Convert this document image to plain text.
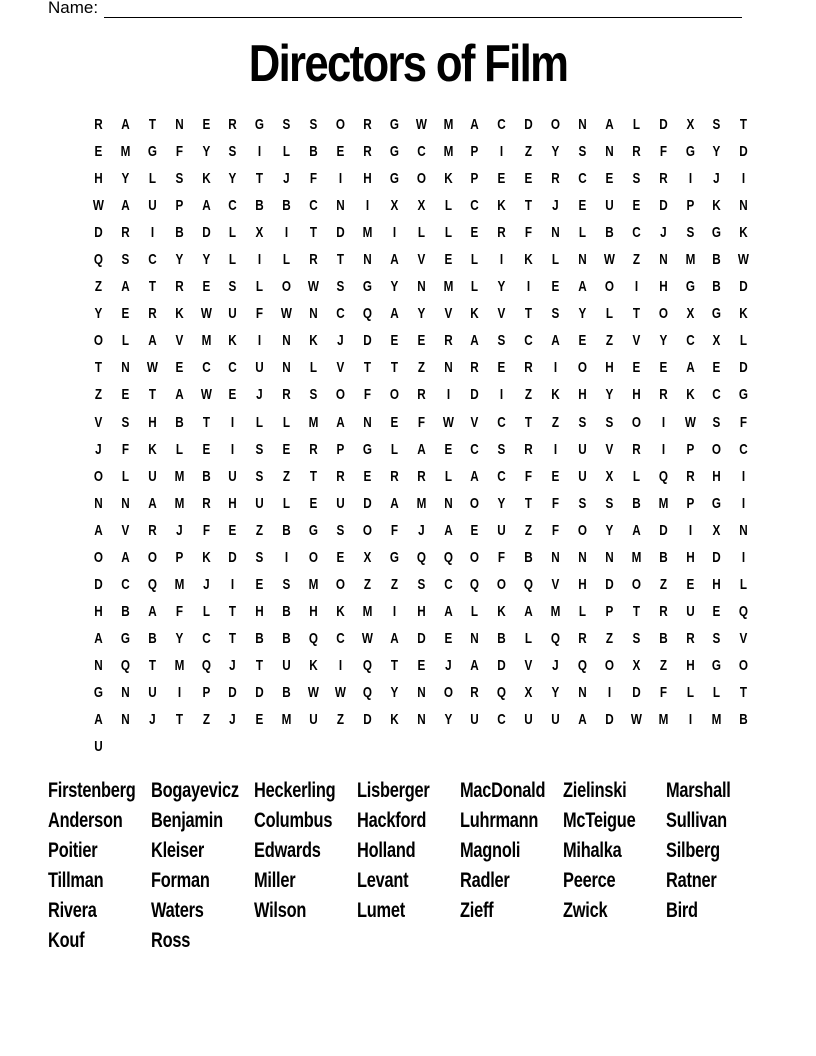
Name:
Directors of Film
R	A	T	N	E	R	G	S	S	O	R	G	W	M	A	C	D	O	N	A	L	D	X	S	T
E	M	G	F	Y	S	I	L	B	E	R	G	C	M	P	I	Z	Y	S	N	R	F	G	Y	D
H	Y	L	S	K	Y	T	J	F	I	H	G	O	K	P	E	E	R	C	E	S	R	I	J	I
W	A	U	P	A	C	B	B	C	N	I	X	X	L	C	K	T	J	E	U	E	D	P	K	N
D	R	I	B	D	L	X	I	T	D	M	I	L	L	E	R	F	N	L	B	C	J	S	G	K
Q	S	C	Y	Y	L	I	L	R	T	N	A	V	E	L	I	K	L	N	W	Z	N	M	B	W
Z	A	T	R	E	S	L	O	W	S	G	Y	N	M	L	Y	I	E	A	O	I	H	G	B	D
Y	E	R	K	W	U	F	W	N	C	Q	A	Y	V	K	V	T	S	Y	L	T	O	X	G	K
O	L	A	V	M	K	I	N	K	J	D	E	E	R	A	S	C	A	E	Z	V	Y	C	X	L
T	N	W	E	C	C	U	N	L	V	T	T	Z	N	R	E	R	I	O	H	E	E	A	E	D
Z	E	T	A	W	E	J	R	S	O	F	O	R	I	D	I	Z	K	H	Y	H	R	K	C	G
V	S	H	B	T	I	L	L	M	A	N	E	F	W	V	C	T	Z	S	S	O	I	W	S	F
J	F	K	L	E	I	S	E	R	P	G	L	A	E	C	S	R	I	U	V	R	I	P	O	C
O	L	U	M	B	U	S	Z	T	R	E	R	R	L	A	C	F	E	U	X	L	Q	R	H	I
N	N	A	M	R	H	U	L	E	U	D	A	M	N	O	Y	T	F	S	S	B	M	P	G	I
A	V	R	J	F	E	Z	B	G	S	O	F	J	A	E	U	Z	F	O	Y	A	D	I	X	N
O	A	O	P	K	D	S	I	O	E	X	G	Q	Q	O	F	B	N	N	N	M	B	H	D	I
D	C	Q	M	J	I	E	S	M	O	Z	Z	S	C	Q	O	Q	V	H	D	O	Z	E	H	L
H	B	A	F	L	T	H	B	H	K	M	I	H	A	L	K	A	M	L	P	T	R	U	E	Q
A	G	B	Y	C	T	B	B	Q	C	W	A	D	E	N	B	L	Q	R	Z	S	B	R	S	V
N	Q	T	M	Q	J	T	U	K	I	Q	T	E	J	A	D	V	J	Q	O	X	Z	H	G	O
G	N	U	I	P	D	D	B	W	W	Q	Y	N	O	R	Q	X	Y	N	I	D	F	L	L	T
A	N	J	T	Z	J	E	M	U	Z	D	K	N	Y	U	C	U	U	A	D	W	M	I	M	B
U
Firstenberg Bogayevicz Heckerling Lisberger	MacDonald Zielinski	Marshall
Anderson Benjamin	Columbus Hackford	Luhrmann McTeigue	Sullivan
Poitier	Kleiser	Edwards	Holland	Magnoli	Mihalka	Silberg
Tillman	Forman	Miller	Levant	Radler	Peerce	Ratner
Rivera	Waters	Wilson	Lumet	Zieff	Zwick	Bird
Kouf	Ross
